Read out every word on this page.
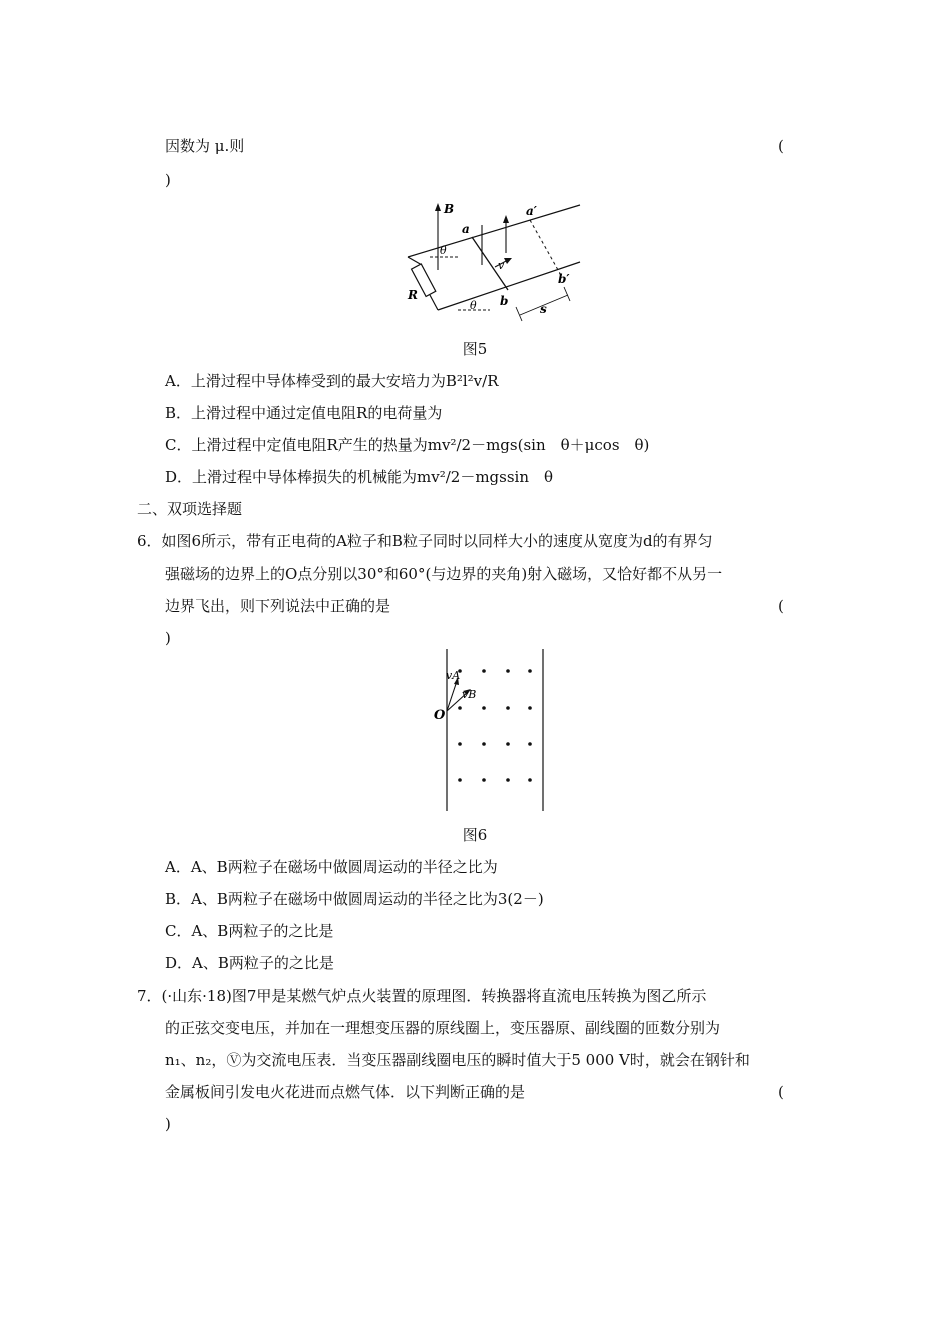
因数为 μ.则	(
)
B
a
a′
b
b′
R
v
s
θ
θ
图5
A．上滑过程中导体棒受到的最大安培力为B²l²v/R
B．上滑过程中通过定值电阻R的电荷量为
C．上滑过程中定值电阻R产生的热量为mv²/2－mgs(sin　θ＋μcos　θ)
D．上滑过程中导体棒损失的机械能为mv²/2－mgssin　θ
二、双项选择题
6．如图6所示，带有正电荷的A粒子和B粒子同时以同样大小的速度从宽度为d的有界匀
强磁场的边界上的O点分别以30°和60°(与边界的夹角)射入磁场，又恰好都不从另一
边界飞出，则下列说法中正确的是	(
)
O
vA
vB
图6
A．A、B两粒子在磁场中做圆周运动的半径之比为
B．A、B两粒子在磁场中做圆周运动的半径之比为3(2－)
C．A、B两粒子的之比是
D．A、B两粒子的之比是
7．(·山东·18)图7甲是某燃气炉点火装置的原理图．转换器将直流电压转换为图乙所示
的正弦交变电压，并加在一理想变压器的原线圈上，变压器原、副线圈的匝数分别为
n₁、n₂，Ⓥ为交流电压表．当变压器副线圈电压的瞬时值大于5 000 V时，就会在钢针和
金属板间引发电火花进而点燃气体．以下判断正确的是	(
)
